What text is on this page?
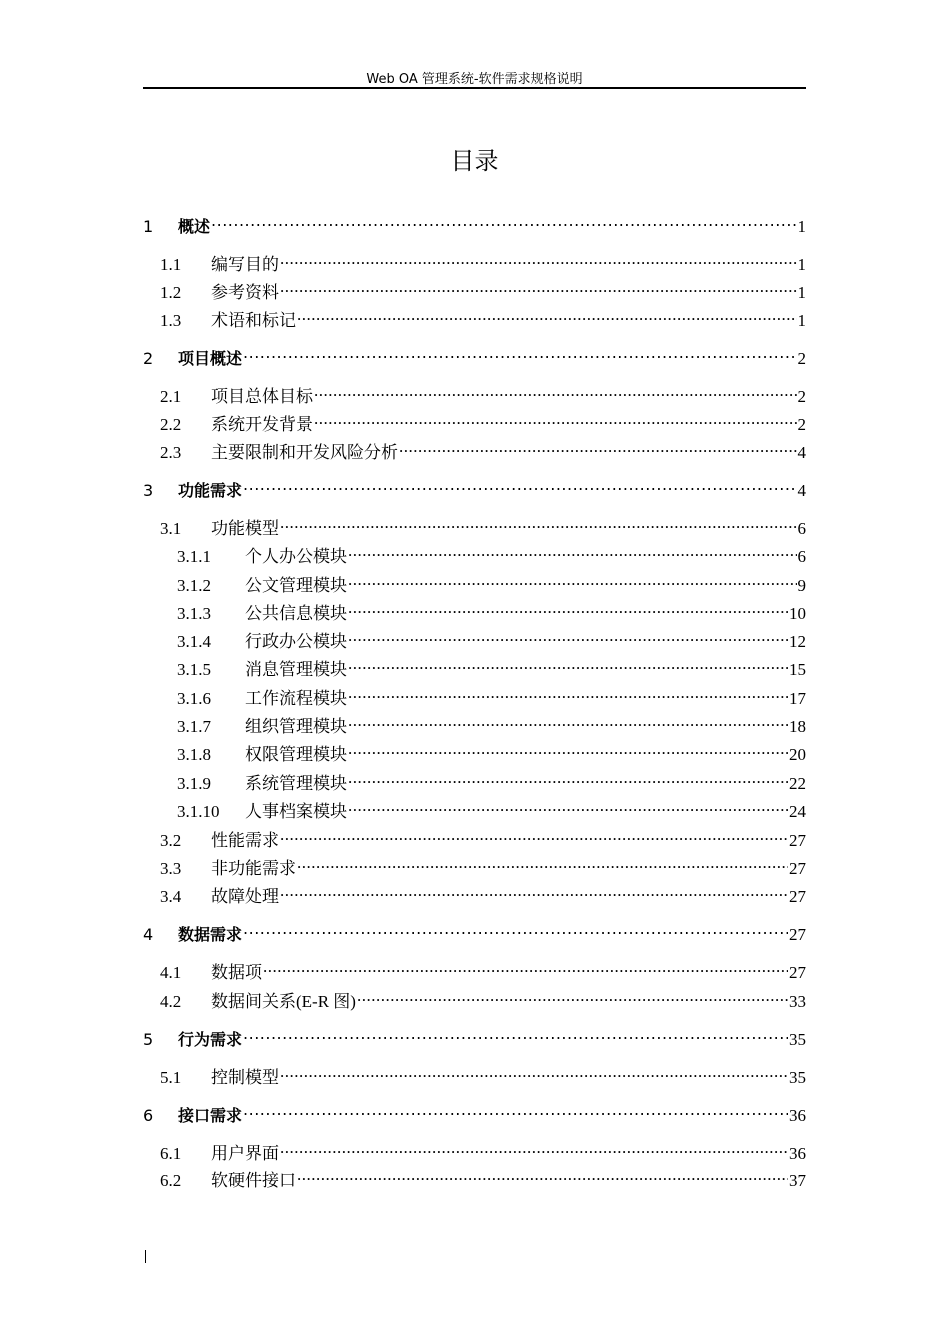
Web OA 管理系统-软件需求规格说明
目录
1	概述 .....	1
1.1	编写目的 .....	1
1.2	参考资料 .....	1
1.3	术语和标记 .....	1
2	项目概述 .....	2
2.1	项目总体目标 .....	2
2.2	系统开发背景 .....	2
2.3	主要限制和开发风险分析 .....	4
3	功能需求 .....	4
3.1	功能模型 .....	6
3.1.1	个人办公模块 .....	6
3.1.2	公文管理模块 .....	9
3.1.3	公共信息模块 .....	10
3.1.4	行政办公模块 .....	12
3.1.5	消息管理模块 .....	15
3.1.6	工作流程模块 .....	17
3.1.7	组织管理模块 .....	18
3.1.8	权限管理模块 .....	20
3.1.9	系统管理模块 .....	22
3.1.10	人事档案模块 .....	24
3.2	性能需求 .....	27
3.3	非功能需求 .....	27
3.4	故障处理 .....	27
4	数据需求 .....	27
4.1	数据项 .....	27
4.2	数据间关系(E-R 图) .....	33
5	行为需求 .....	35
5.1	控制模型 .....	35
6	接口需求 .....	36
6.1	用户界面 .....	36
6.2	软硬件接口 .....	37
